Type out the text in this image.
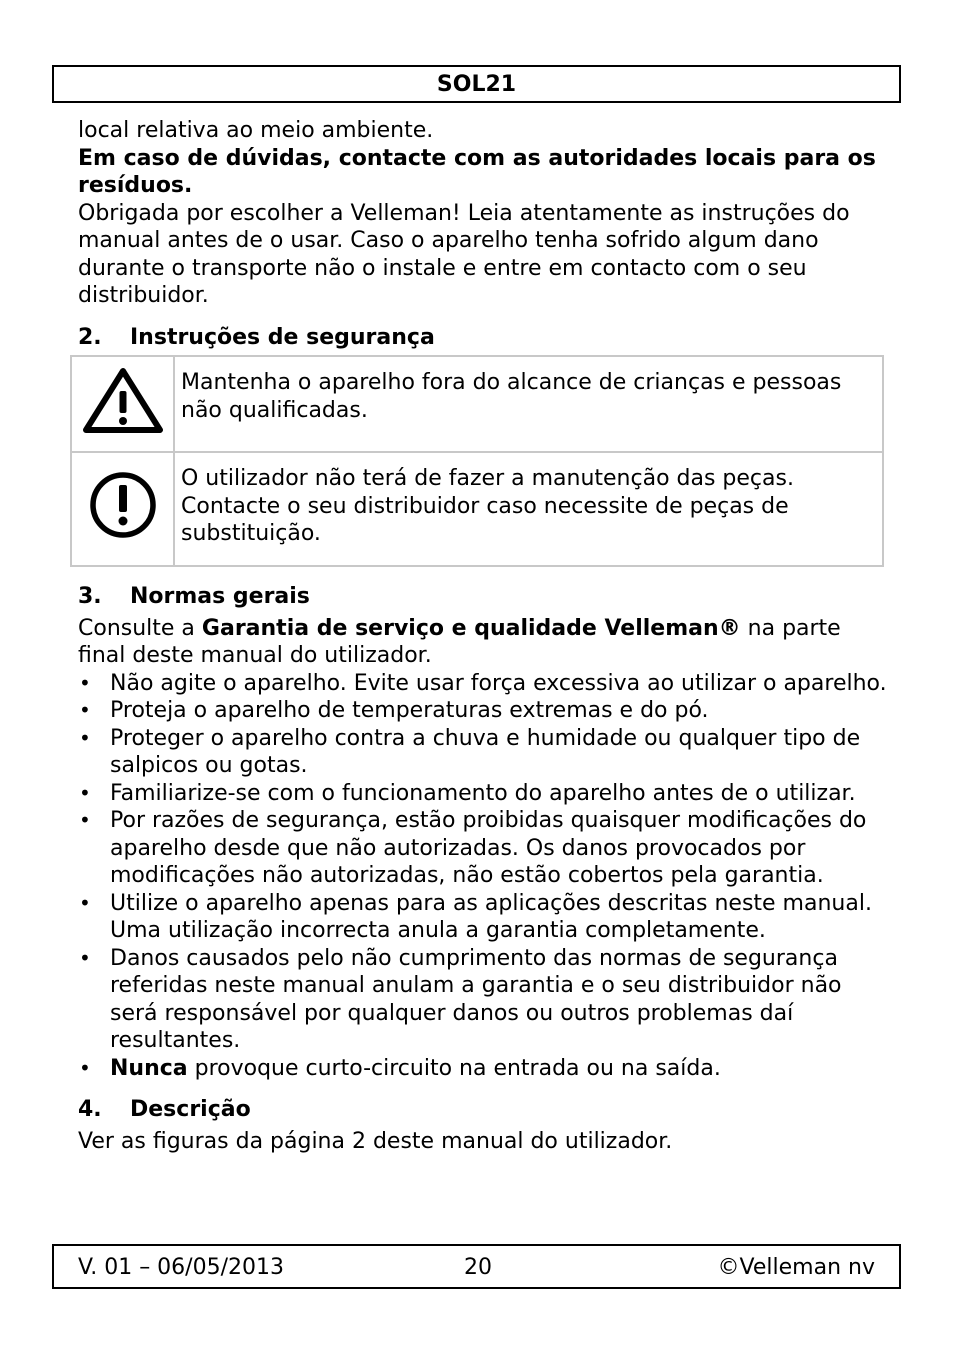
SOL21

local relativa ao meio ambiente.

Em caso de dúvidas, contacte com as autoridades locais para os resíduos.

Obrigada por escolher a Velleman! Leia atentamente as instruções do manual antes de o usar. Caso o aparelho tenha sofrido algum dano durante o transporte não o instale e entre em contacto com o seu distribuidor.

2.	Instruções de segurança
	Mantenha o aparelho fora do alcance de crianças e pessoas não qualificadas.
	O utilizador não terá de fazer a manutenção das peças. Contacte o seu distribuidor caso necessite de peças de substituição.
3.	Normas gerais

Consulte a Garantia de serviço e qualidade Velleman® na parte final deste manual do utilizador.

• Não agite o aparelho. Evite usar força excessiva ao utilizar o aparelho.
• Proteja o aparelho de temperaturas extremas e do pó.
• Proteger o aparelho contra a chuva e humidade ou qualquer tipo de salpicos ou gotas.
• Familiarize-se com o funcionamento do aparelho antes de o utilizar.
• Por razões de segurança, estão proibidas quaisquer modificações do aparelho desde que não autorizadas. Os danos provocados por modificações não autorizadas, não estão cobertos pela garantia.
• Utilize o aparelho apenas para as aplicações descritas neste manual. Uma utilização incorrecta anula a garantia completamente.
• Danos causados pelo não cumprimento das normas de segurança referidas neste manual anulam a garantia e o seu distribuidor não será responsável por qualquer danos ou outros problemas daí resultantes.
• Nunca provoque curto-circuito na entrada ou na saída.
4.	Descrição

Ver as figuras da página 2 deste manual do utilizador.

V. 01 – 06/05/2013	20	©Velleman nv
